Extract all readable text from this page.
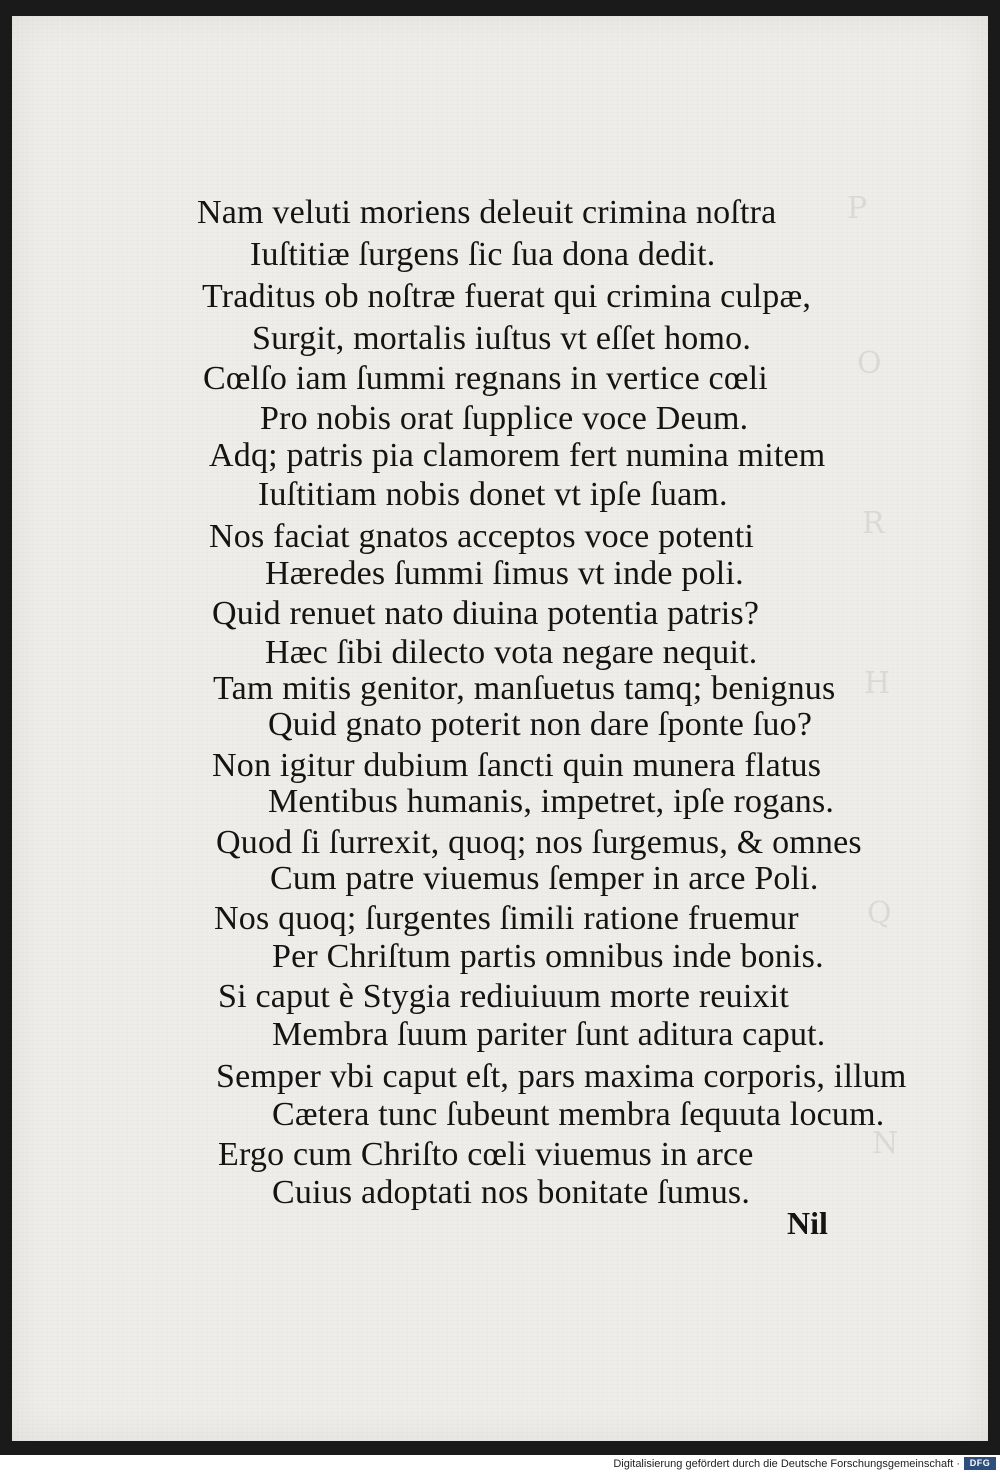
P
O
R
H
Q
N
Nam veluti moriens deleuit crimina noſtra
Iuſtitiæ ſurgens ſic ſua dona dedit.
Traditus ob noſtræ fuerat qui crimina culpæ,
Surgit, mortalis iuſtus vt eſſet homo.
Cœlſo iam ſummi regnans in vertice cœli
Pro nobis orat ſupplice voce Deum.
Adq; patris pia clamorem fert numina mitem
Iuſtitiam nobis donet vt ipſe ſuam.
Nos faciat gnatos acceptos voce potenti
Hæredes ſummi ſimus vt inde poli.
Quid renuet nato diuina potentia patris?
Hæc ſibi dilecto vota negare nequit.
Tam mitis genitor, manſuetus tamq; benignus
Quid gnato poterit non dare ſponte ſuo?
Non igitur dubium ſancti quin munera flatus
Mentibus humanis, impetret, ipſe rogans.
Quod ſi ſurrexit, quoq; nos ſurgemus, & omnes
Cum patre viuemus ſemper in arce Poli.
Nos quoq; ſurgentes ſimili ratione fruemur
Per Chriſtum partis omnibus inde bonis.
Si caput è Stygia rediuiuum morte reuixit
Membra ſuum pariter ſunt aditura caput.
Semper vbi caput eſt, pars maxima corporis, illum
Cætera tunc ſubeunt membra ſequuta locum.
Ergo cum Chriſto cœli viuemus in arce
Cuius adoptati nos bonitate ſumus.
Nil
Digitalisierung gefördert durch die Deutsche Forschungsgemeinschaft ·	DFG
